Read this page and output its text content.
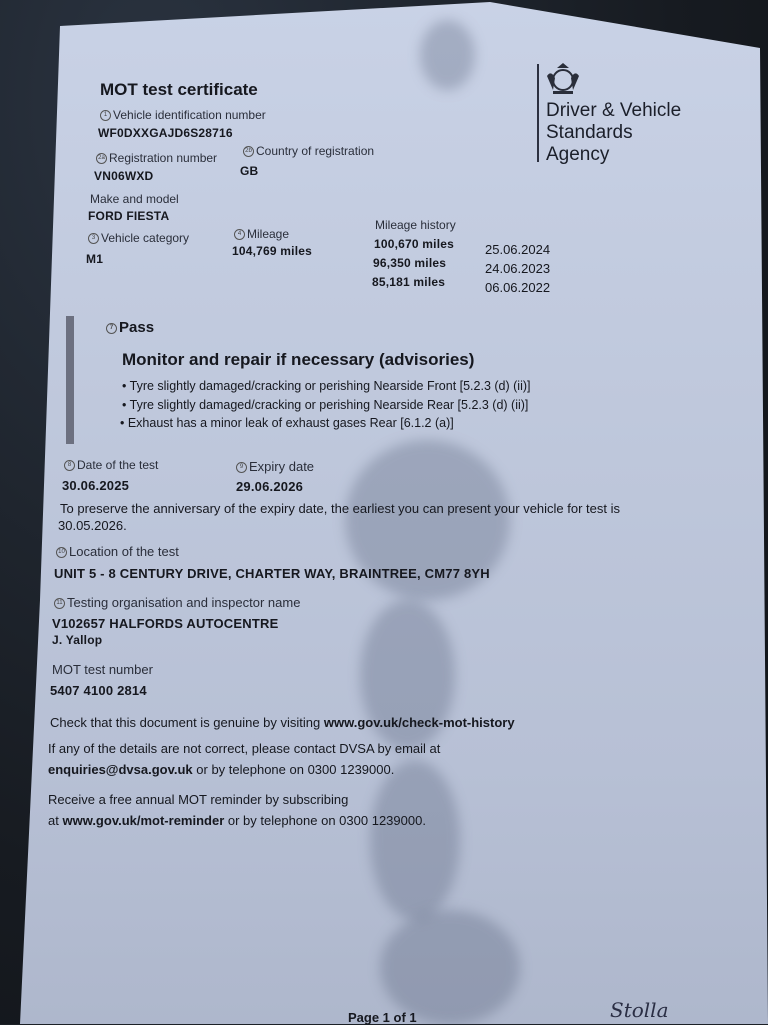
MOT test certificate
Driver & Vehicle
Standards
Agency
1 Vehicle identification number
WF0DXXGAJD6S28716
2a Registration number
VN06WXD
2b Country of registration
GB
Make and model
FORD FIESTA
3 Vehicle category
M1
4 Mileage
104,769 miles
Mileage history
100,670 miles 25.06.2024
96,350 miles	24.06.2023
85,181 miles	06.06.2022
7 Pass
Monitor and repair if necessary (advisories)
• Tyre slightly damaged/cracking or perishing Nearside Front [5.2.3 (d) (ii)]
• Tyre slightly damaged/cracking or perishing Nearside Rear [5.2.3 (d) (ii)]
• Exhaust has a minor leak of exhaust gases Rear [6.1.2 (a)]
8 Date of the test
30.06.2025
9 Expiry date
29.06.2026
To preserve the anniversary of the expiry date, the earliest you can present your vehicle for test is
30.05.2026.
10 Location of the test
UNIT 5 - 8 CENTURY DRIVE, CHARTER WAY, BRAINTREE, CM77 8YH
11 Testing organisation and inspector name
V102657 HALFORDS AUTOCENTRE
J. Yallop
MOT test number
5407 4100 2814
Check that this document is genuine by visiting www.gov.uk/check-mot-history
If any of the details are not correct, please contact DVSA by email at
enquiries@dvsa.gov.uk or by telephone on 0300 1239000.
Receive a free annual MOT reminder by subscribing
at www.gov.uk/mot-reminder or by telephone on 0300 1239000.
Page 1 of 1	Stolla
